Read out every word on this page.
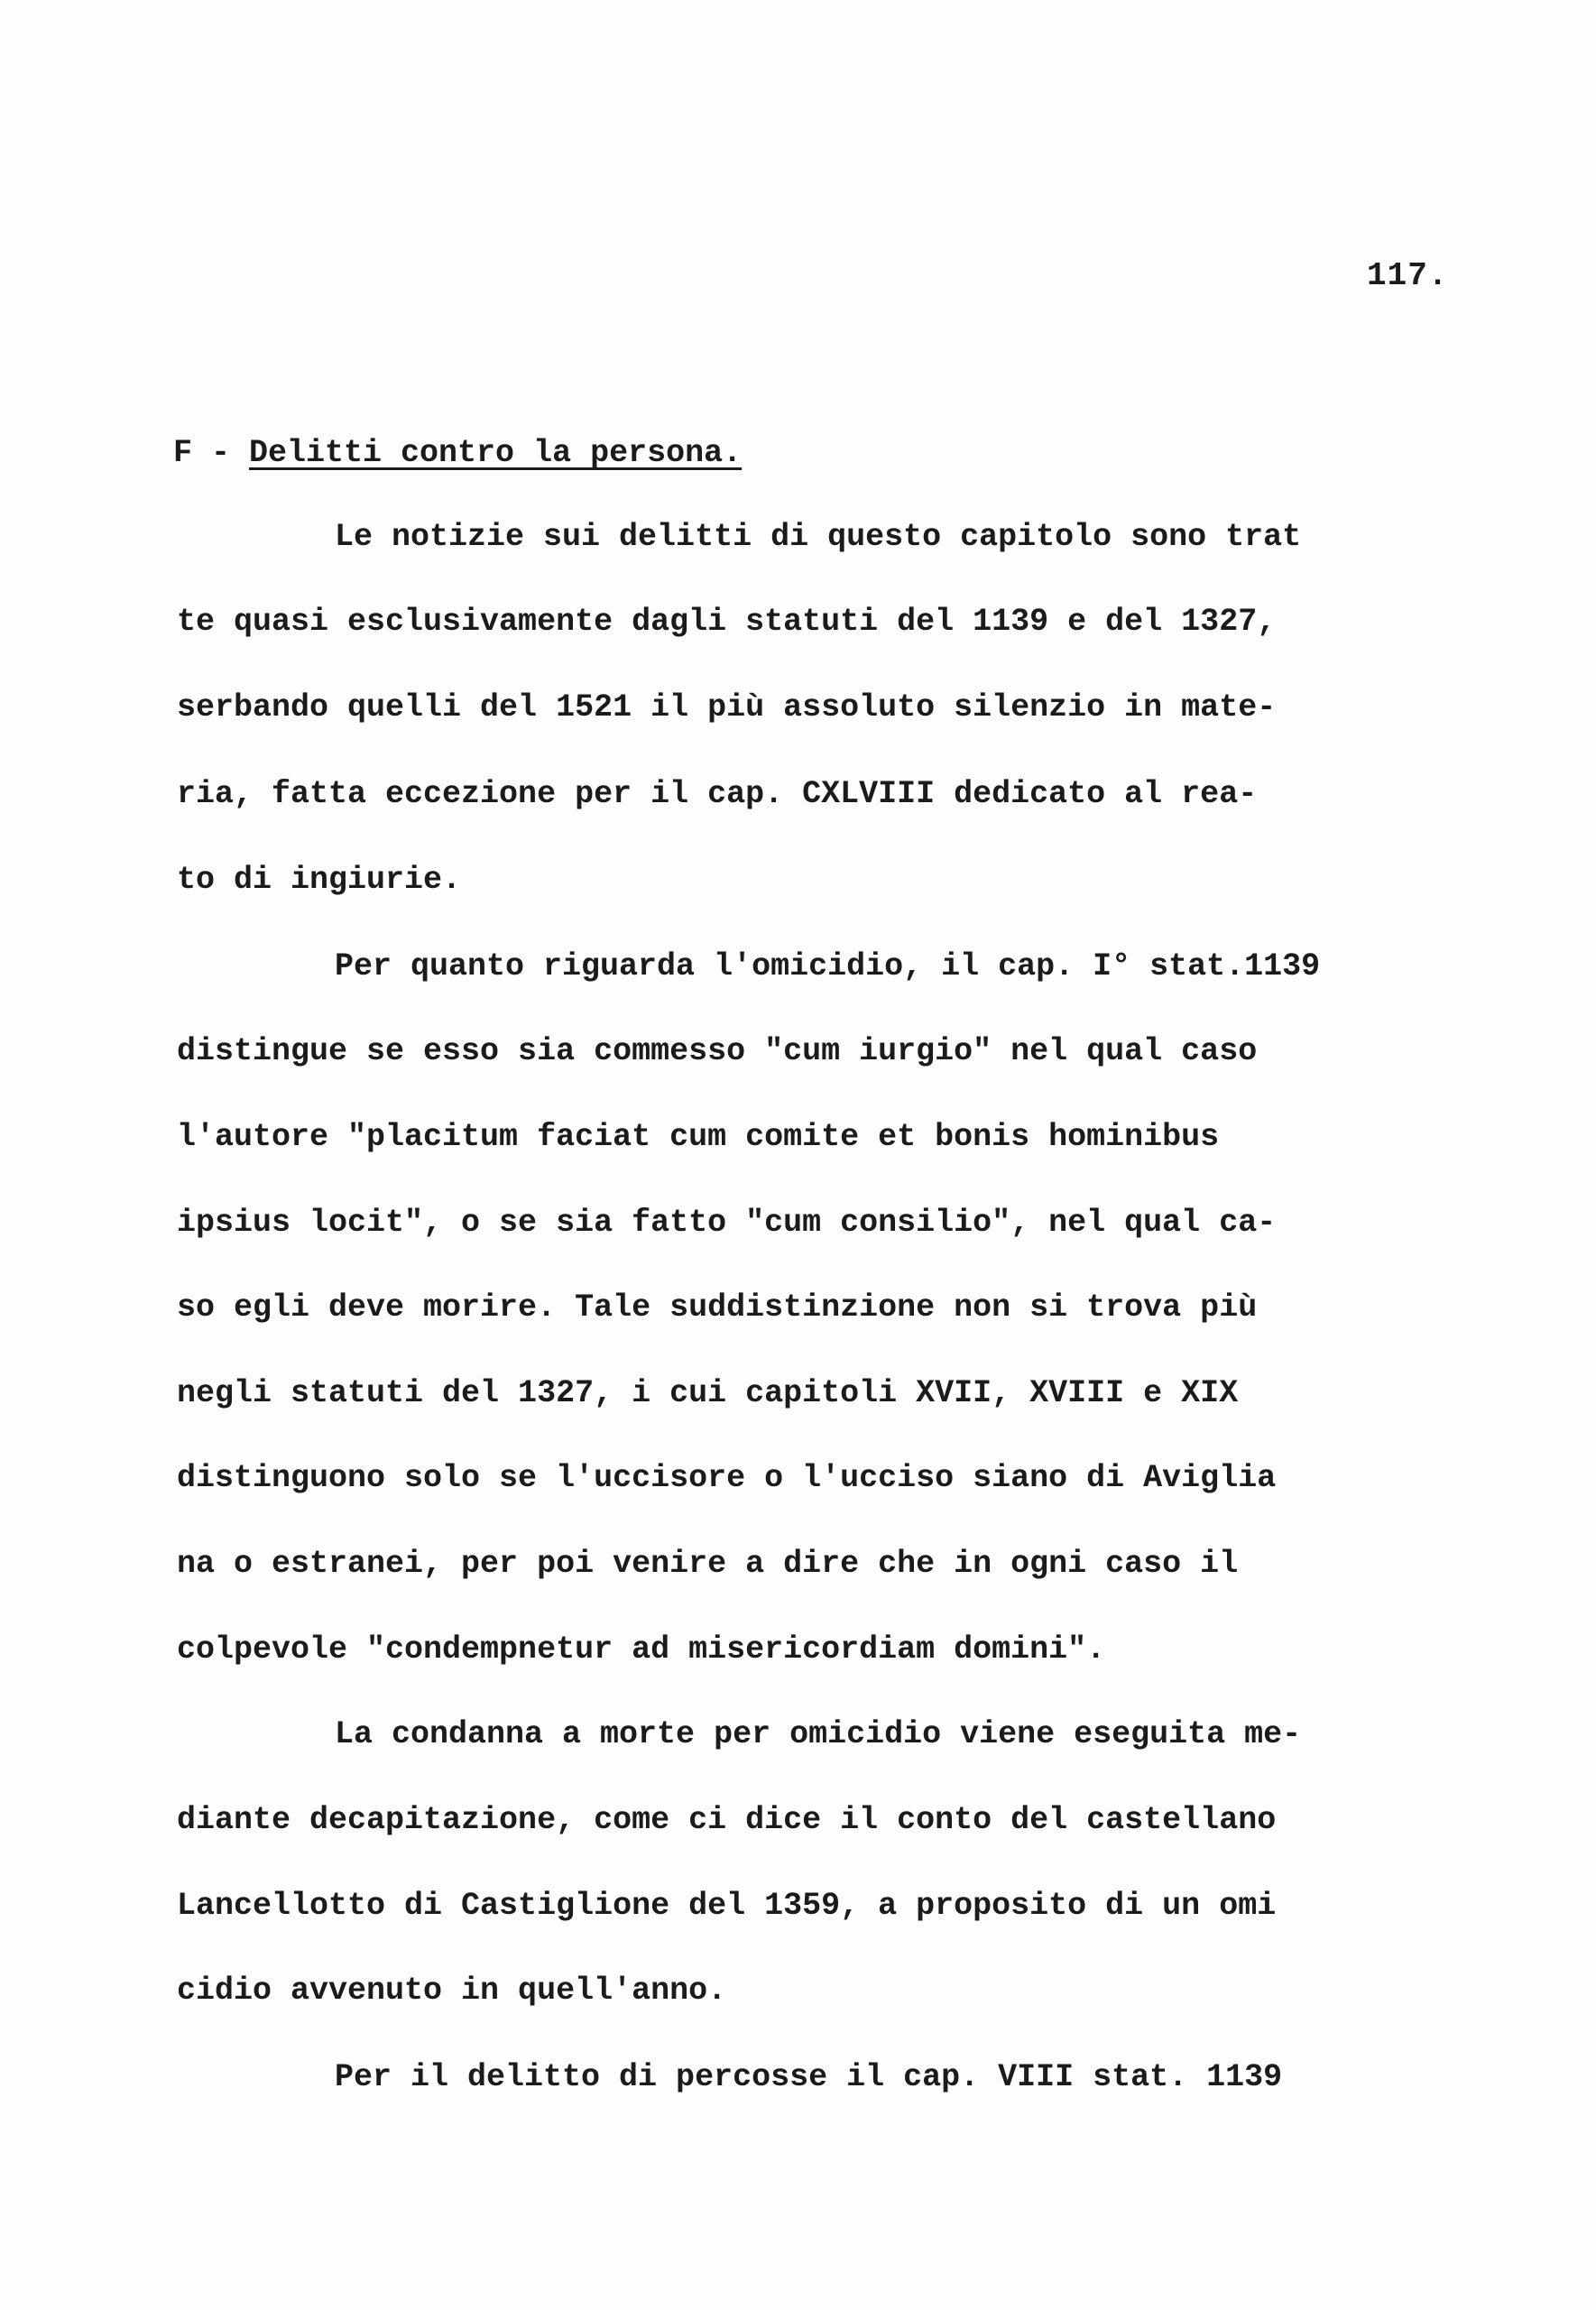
117.
F - Delitti contro la persona.
Le notizie sui delitti di questo capitolo sono trat
te quasi esclusivamente dagli statuti del 1139 e del 1327,
serbando quelli del 1521 il più assoluto silenzio in mate-
ria, fatta eccezione per il cap. CXLVIII dedicato al rea-
to di ingiurie.
Per quanto riguarda l'omicidio, il cap. I° stat.1139
distingue se esso sia commesso "cum iurgio" nel qual caso
l'autore "placitum faciat cum comite et bonis hominibus
ipsius locit", o se sia fatto "cum consilio", nel qual ca-
so egli deve morire. Tale suddistinzione non si trova più
negli statuti del 1327, i cui capitoli XVII, XVIII e XIX
distinguono solo se l'uccisore o l'ucciso siano di Aviglia
na o estranei, per poi venire a dire che in ogni caso il
colpevole "condempnetur ad misericordiam domini".
La condanna a morte per omicidio viene eseguita me-
diante decapitazione, come ci dice il conto del castellano
Lancellotto di Castiglione del 1359, a proposito di un omi
cidio avvenuto in quell'anno.
Per il delitto di percosse il cap. VIII stat. 1139
